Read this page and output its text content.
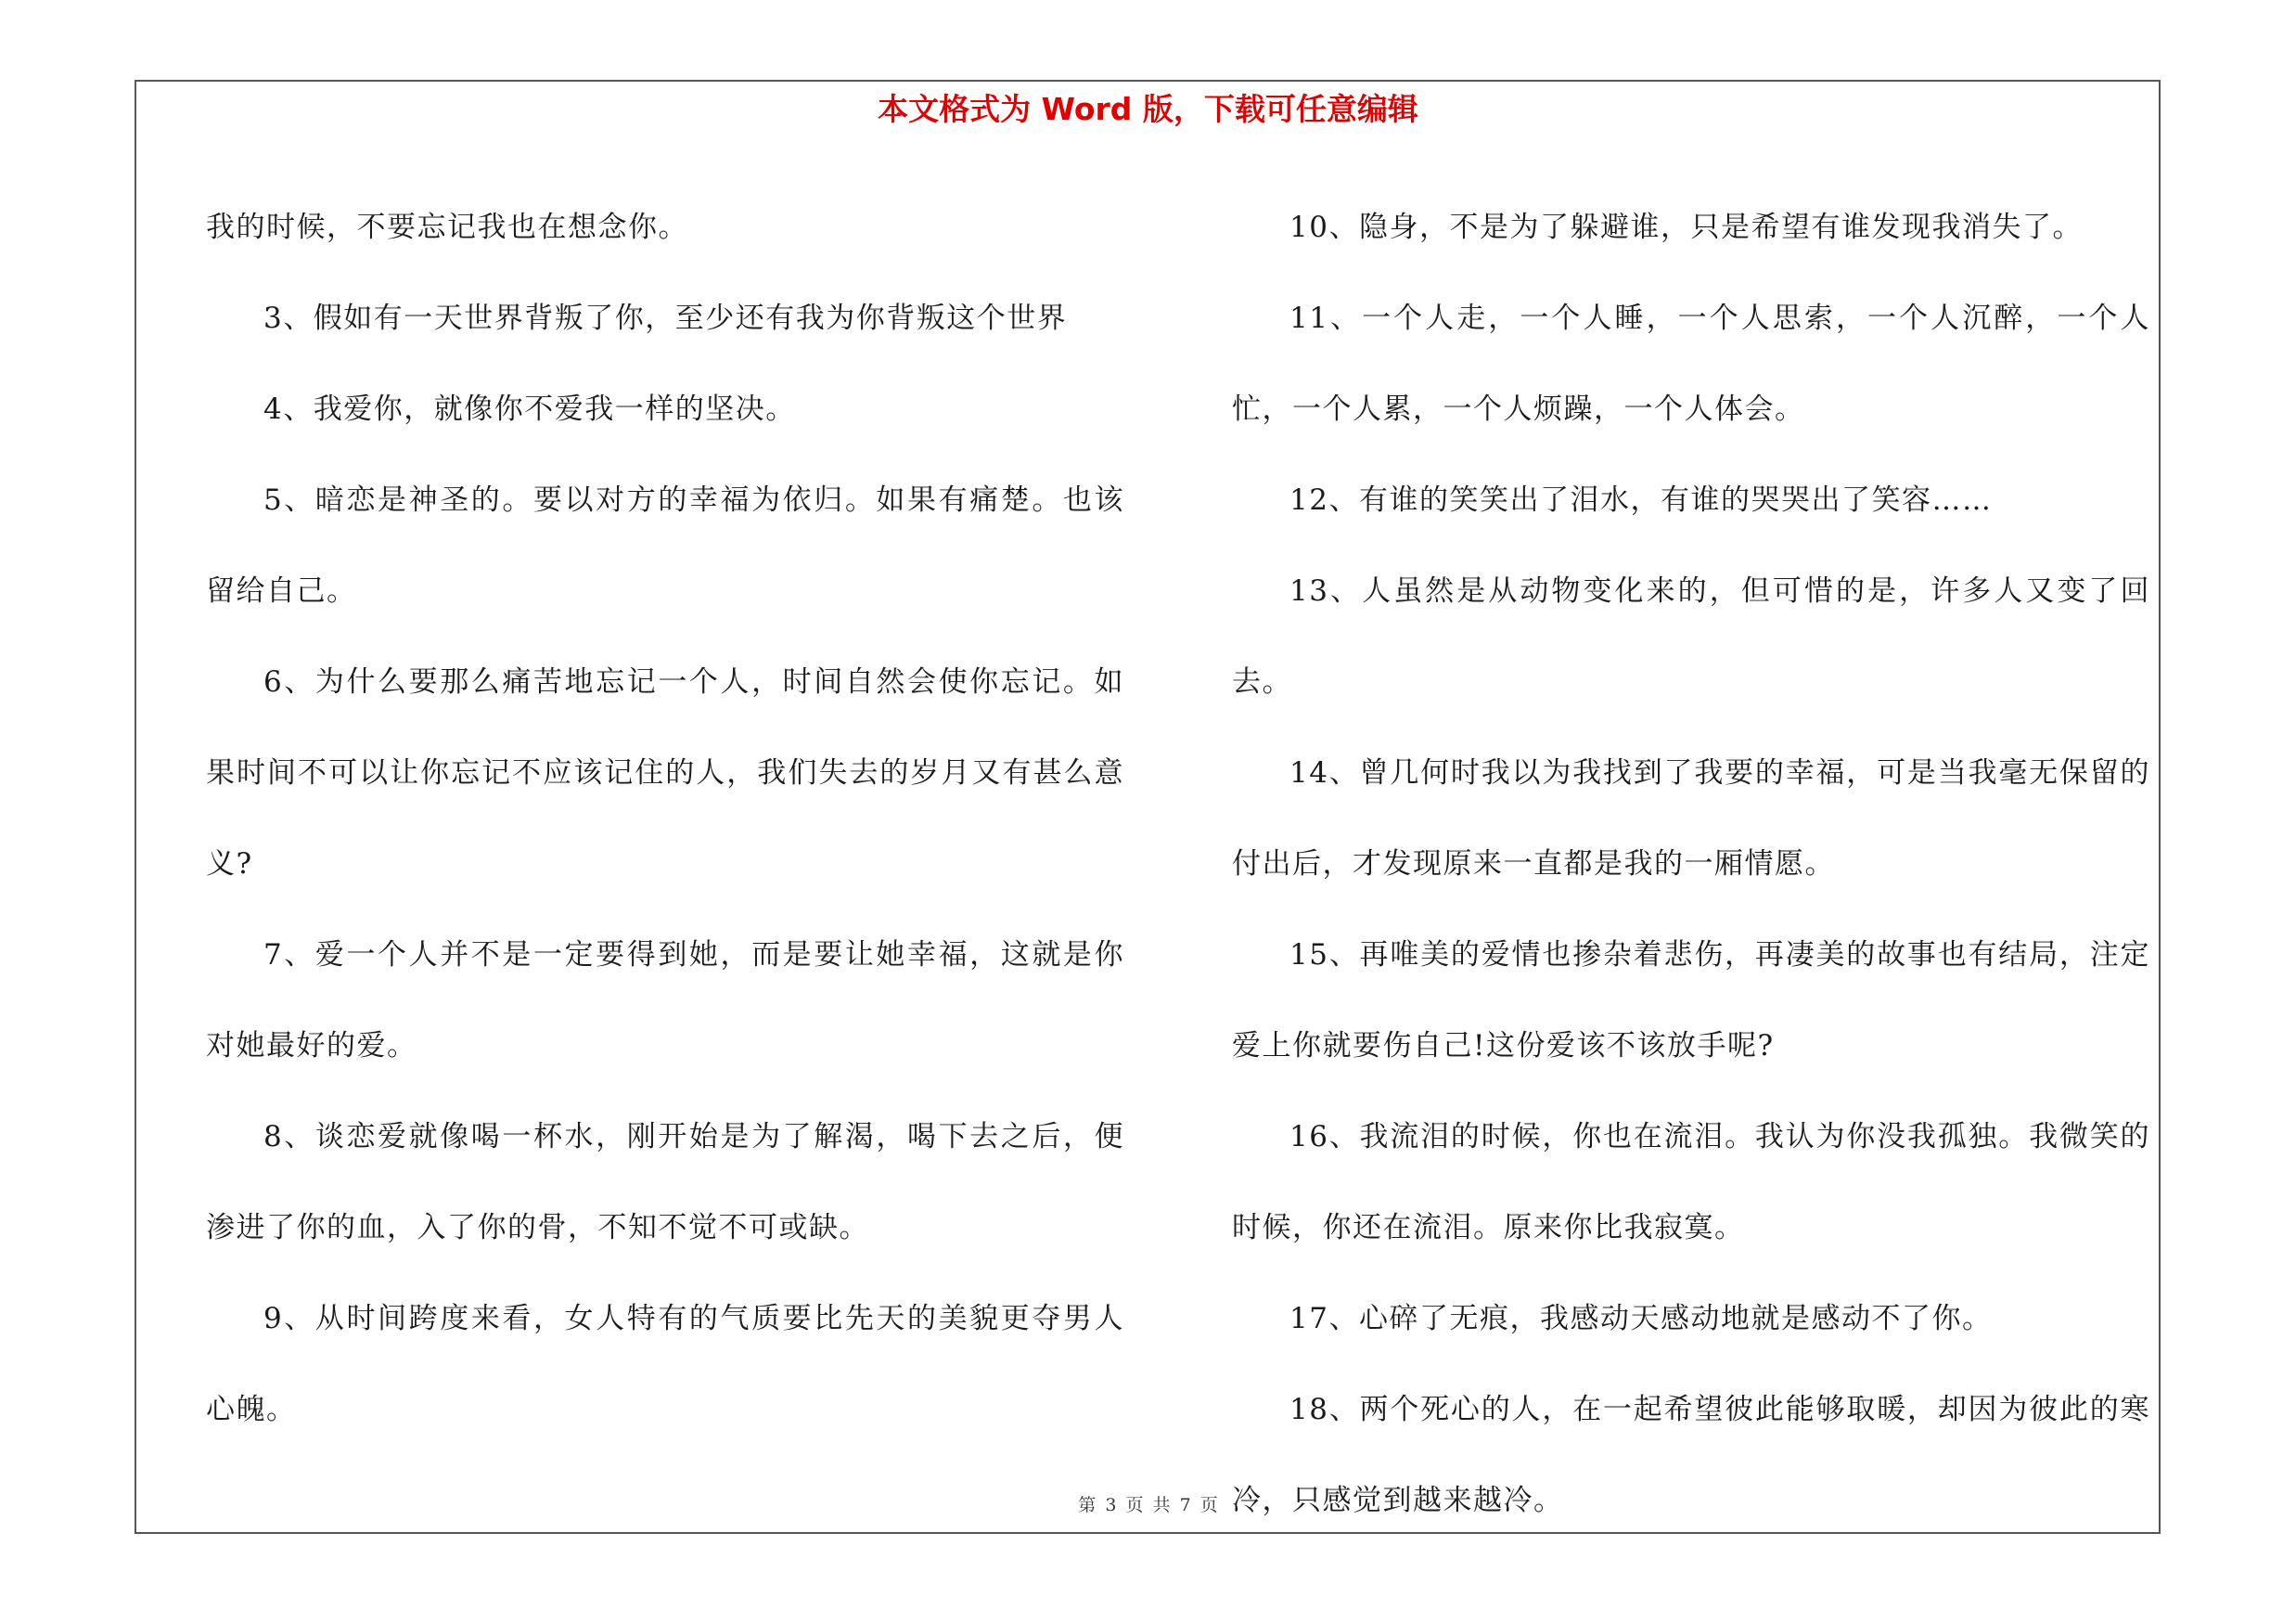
本文格式为 Word 版，下载可任意编辑

我的时候，不要忘记我也在想念你。

3、假如有一天世界背叛了你，至少还有我为你背叛这个世界

4、我爱你，就像你不爱我一样的坚决。

5、暗恋是神圣的。要以对方的幸福为依归。如果有痛楚。也该留给自己。

6、为什么要那么痛苦地忘记一个人，时间自然会使你忘记。如果时间不可以让你忘记不应该记住的人，我们失去的岁月又有甚么意义?

7、爱一个人并不是一定要得到她，而是要让她幸福，这就是你对她最好的爱。

8、谈恋爱就像喝一杯水，刚开始是为了解渴，喝下去之后，便渗进了你的血，入了你的骨，不知不觉不可或缺。

9、从时间跨度来看，女人特有的气质要比先天的美貌更夺男人心魄。

10、隐身，不是为了躲避谁，只是希望有谁发现我消失了。

11、一个人走，一个人睡，一个人思索，一个人沉醉，一个人忙，一个人累，一个人烦躁，一个人体会。

12、有谁的笑笑出了泪水，有谁的哭哭出了笑容……

13、人虽然是从动物变化来的，但可惜的是，许多人又变了回去。

14、曾几何时我以为我找到了我要的幸福，可是当我毫无保留的付出后，才发现原来一直都是我的一厢情愿。

15、再唯美的爱情也掺杂着悲伤，再凄美的故事也有结局，注定爱上你就要伤自己!这份爱该不该放手呢?

16、我流泪的时候，你也在流泪。我认为你没我孤独。我微笑的时候，你还在流泪。原来你比我寂寞。

17、心碎了无痕，我感动天感动地就是感动不了你。

18、两个死心的人，在一起希望彼此能够取暖，却因为彼此的寒冷，只感觉到越来越冷。

第 3 页 共 7 页
